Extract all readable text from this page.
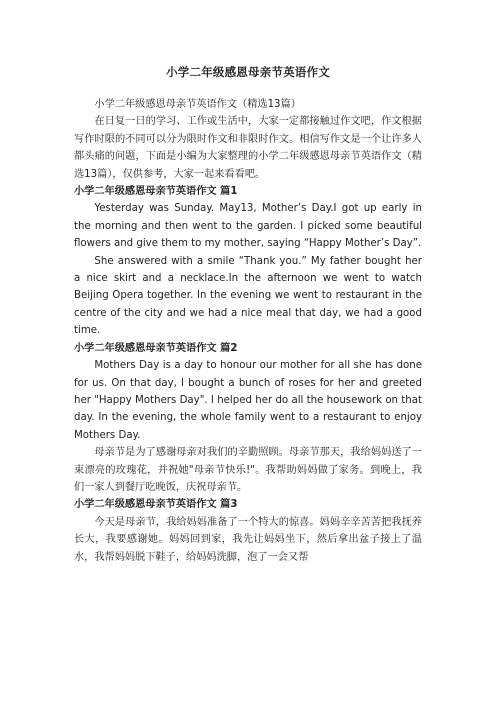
小学二年级感恩母亲节英语作文

小学二年级感恩母亲节英语作文（精选13篇）

在日复一日的学习、工作或生活中，大家一定都接触过作文吧，作文根据写作时限的不同可以分为限时作文和非限时作文。相信写作文是一个让许多人都头痛的问题，下面是小编为大家整理的小学二年级感恩母亲节英语作文（精选13篇），仅供参考，大家一起来看看吧。

小学二年级感恩母亲节英语作文 篇1

Yesterday was Sunday. May13, Mother’s Day.I got up early in the morning and then went to the garden. I picked some beautiful flowers and give them to my mother, saying “Happy Mother’s Day”.

She answered with a smile “Thank you.” My father bought her a nice skirt and a necklace.In the afternoon we went to watch Beijing Opera together. In the evening we went to restaurant in the centre of the city and we had a nice meal that day, we had a good time.

小学二年级感恩母亲节英语作文 篇2

Mothers Day is a day to honour our mother for all she has done for us. On that day, I bought a bunch of roses for her and greeted her "Happy Mothers Day". I helped her do all the housework on that day. In the evening, the whole family went to a restaurant to enjoy Mothers Day.

母亲节是为了感谢母亲对我们的辛勤照顾。母亲节那天，我给妈妈送了一束漂亮的玫瑰花，并祝她"母亲节快乐!"。我帮助妈妈做了家务。到晚上，我们一家人到餐厅吃晚饭，庆祝母亲节。

小学二年级感恩母亲节英语作文 篇3

今天是母亲节，我给妈妈准备了一个特大的惊喜。妈妈辛辛苦苦把我抚养长大，我要感谢她。妈妈回到家，我先让妈妈坐下，然后拿出盆子接上了温水，我帮妈妈脱下鞋子，给妈妈洗脚，泡了一会又帮
